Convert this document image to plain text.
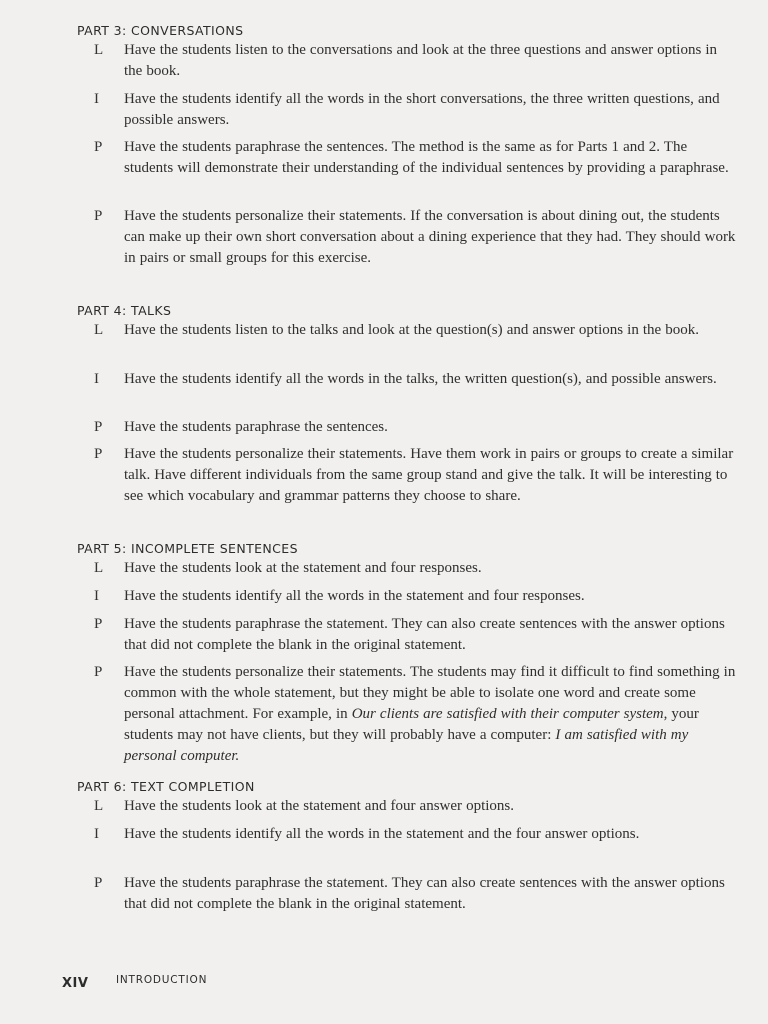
PART 3: CONVERSATIONS
L	Have the students listen to the conversations and look at the three questions and answer options in the book.
I	Have the students identify all the words in the short conversations, the three written questions, and possible answers.
P	Have the students paraphrase the sentences. The method is the same as for Parts 1 and 2. The students will demonstrate their understanding of the individual sentences by providing a paraphrase.
P	Have the students personalize their statements. If the conversation is about dining out, the students can make up their own short conversation about a dining experience that they had. They should work in pairs or small groups for this exercise.
PART 4: TALKS
L	Have the students listen to the talks and look at the question(s) and answer options in the book.
I	Have the students identify all the words in the talks, the written question(s), and possible answers.
P	Have the students paraphrase the sentences.
P	Have the students personalize their statements. Have them work in pairs or groups to create a similar talk. Have different individuals from the same group stand and give the talk. It will be interesting to see which vocabulary and grammar patterns they choose to share.
PART 5: INCOMPLETE SENTENCES
L	Have the students look at the statement and four responses.
I	Have the students identify all the words in the statement and four responses.
P	Have the students paraphrase the statement. They can also create sentences with the answer options that did not complete the blank in the original statement.
P	Have the students personalize their statements. The students may find it difficult to find something in common with the whole statement, but they might be able to isolate one word and create some personal attachment. For example, in Our clients are satisfied with their computer system, your students may not have clients, but they will probably have a computer: I am satisfied with my personal computer.
PART 6: TEXT COMPLETION
L	Have the students look at the statement and four answer options.
I	Have the students identify all the words in the statement and the four answer options.
P	Have the students paraphrase the statement. They can also create sentences with the answer options that did not complete the blank in the original statement.
XIV	INTRODUCTION
